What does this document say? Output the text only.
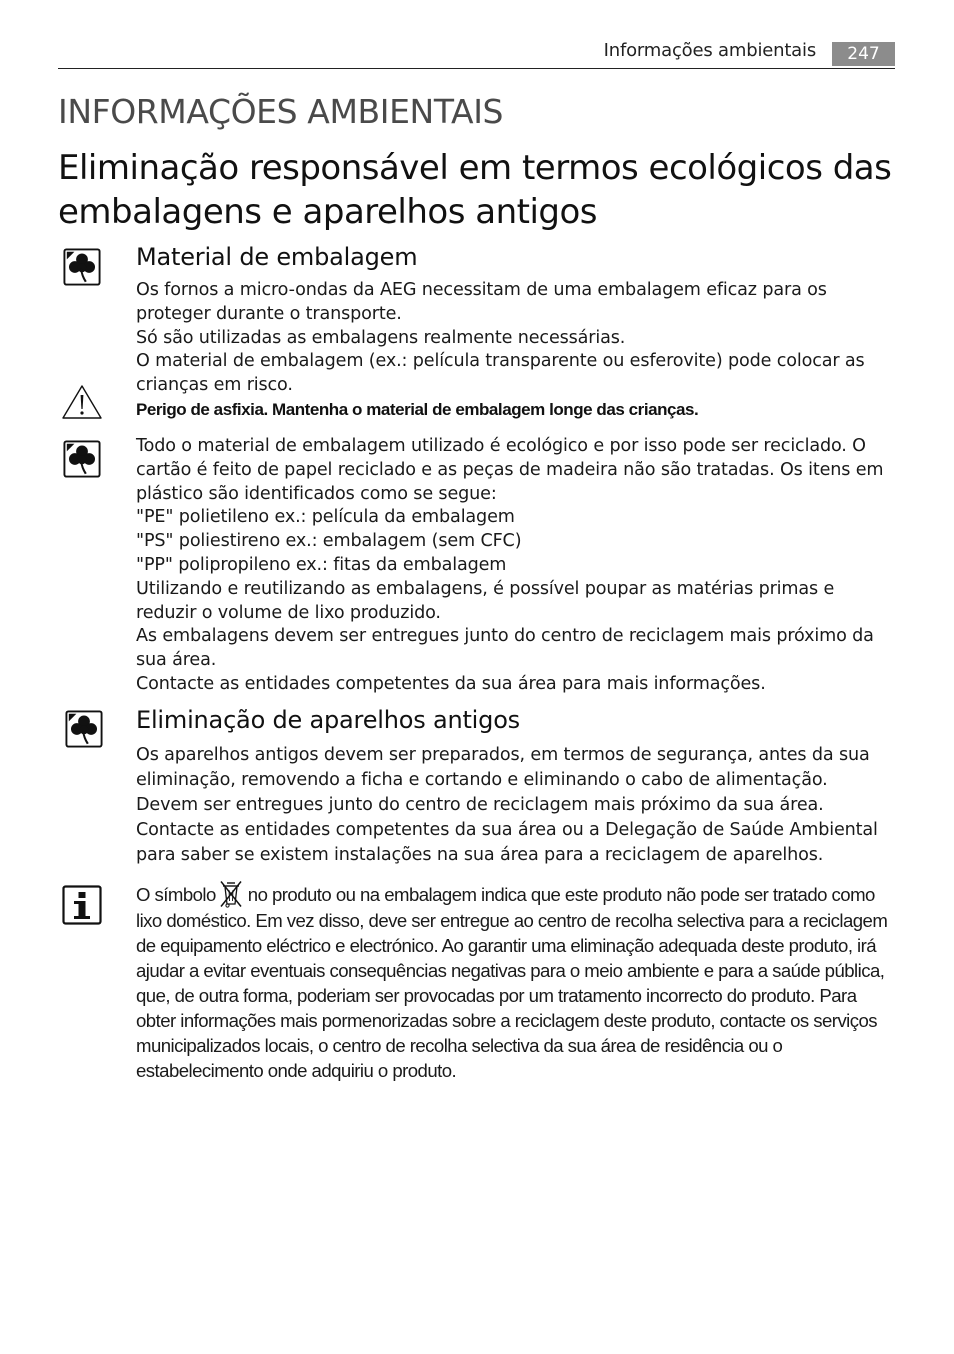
Informações ambientais	247
INFORMAÇÕES AMBIENTAIS
Eliminação responsável em termos ecológicos das embalagens e aparelhos antigos
Material de embalagem

Os fornos a micro-ondas da AEG necessitam de uma embalagem eficaz para os proteger durante o transporte.

Só são utilizadas as embalagens realmente necessárias.

O material de embalagem (ex.: película transparente ou esferovite) pode colocar as crianças em risco.

Perigo de asfixia. Mantenha o material de embalagem longe das crianças.

Todo o material de embalagem utilizado é ecológico e por isso pode ser reciclado. O cartão é feito de papel reciclado e as peças de madeira não são tratadas. Os itens em plástico são identificados como se segue:

"PE" polietileno ex.: película da embalagem

"PS" poliestireno ex.: embalagem (sem CFC)

"PP" polipropileno ex.: fitas da embalagem

Utilizando e reutilizando as embalagens, é possível poupar as matérias primas e reduzir o volume de lixo produzido.

As embalagens devem ser entregues junto do centro de reciclagem mais próximo da sua área.

Contacte as entidades competentes da sua área para mais informações.

Eliminação de aparelhos antigos

Os aparelhos antigos devem ser preparados, em termos de segurança, antes da sua eliminação, removendo a ficha e cortando e eliminando o cabo de alimentação.

Devem ser entregues junto do centro de reciclagem mais próximo da sua área. Contacte as entidades competentes da sua área ou a Delegação de Saúde Ambiental para saber se existem instalações na sua área para a reciclagem de aparelhos.

O símbolo no produto ou na embalagem indica que este produto não pode ser tratado como lixo doméstico. Em vez disso, deve ser entregue ao centro de recolha selectiva para a reciclagem de equipamento eléctrico e electrónico. Ao garantir uma eliminação adequada deste produto, irá ajudar a evitar eventuais consequências negativas para o meio ambiente e para a saúde pública, que, de outra forma, poderiam ser provocadas por um tratamento incorrecto do produto. Para obter informações mais pormenorizadas sobre a reciclagem deste produto, contacte os serviços municipalizados locais, o centro de recolha selectiva da sua área de residência ou o estabelecimento onde adquiriu o produto.
